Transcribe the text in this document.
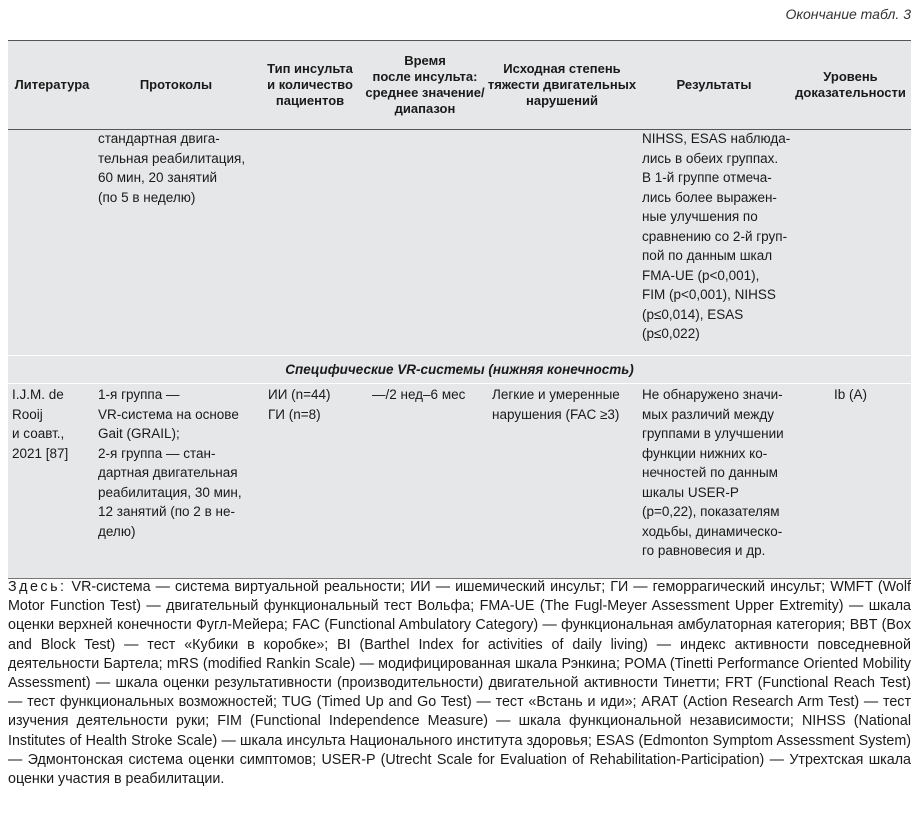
Окончание табл. 3
Литература	Протоколы
Тип инсульта
и количество
пациентов
Время
после инсульта:
среднее значение/
диапазон
Исходная степень
тяжести двигательных
нарушений
Результаты
Уровень
доказательности
стандартная двига-
тельная реабилитация,
60 мин, 20 занятий
(по 5 в неделю)
NIHSS, ESAS наблюда-
лись в обеих группах.
В 1-й группе отмеча-
лись более выражен-
ные улучшения по
сравнению со 2-й груп-
пой по данным шкал
FMA-UE (p<0,001),
FIM (p<0,001), NIHSS
(p≤0,014), ESAS
(p≤0,022)
Специфические VR-системы (нижняя конечность)
I.J.M. de
Rooij
и соавт.,
2021 [87]
1-я группа —
VR-система на основе
Gait (GRAIL);
2-я группа — стан-
дартная двигательная
реабилитация, 30 мин,
12 занятий (по 2 в не-
делю)
ИИ (n=44)
ГИ (n=8)
—/2 нед–6 мес	Легкие и умеренные
нарушения (FAC ≥3)
Не обнаружено значи-
мых различий между
группами в улучшении
функции нижних ко-
нечностей по данным
шкалы USER-P
(p=0,22), показателям
ходьбы, динамическо-
го равновесия и др.
Ib (A)
Здесь: VR-система — система виртуальной реальности; ИИ — ишемический инсульт; ГИ — геморрагический инсульт; WMFT (Wolf Motor Function Test) — двигательный функциональный тест Вольфа; FMA-UE (The Fugl-Meyer Assessment Upper Extremity) — шкала оценки верхней конечности Фугл-Мейера; FAC (Functional Ambulatory Category) — функциональная амбулаторная категория; BBT (Box and Block Test) — тест «Кубики в коробке»; BI (Barthel Index for activities of daily living) — индекс активности повседневной деятельности Бартела; mRS (modified Rankin Scale) — модифицированная шкала Рэнкина; POMA (Tinetti Performance Oriented Mobility Assessment) — шкала оценки результативности (производительности) двигательной активности Тинетти; FRT (Functional Reach Test) — тест функциональных возможностей; TUG (Timed Up and Go Test) — тест «Встань и иди»; ARAT (Action Research Arm Test) — тест изучения деятельности руки; FIM (Functional Independence Measure) — шкала функциональной независимости; NIHSS (National Institutes of Health Stroke Scale) — шкала инсульта Национального института здоровья; ESAS (Edmonton Symptom Assessment System) — Эдмонтонская система оценки симптомов; USER-P (Utrecht Scale for Evaluation of Rehabilitation-Participation) — Утрехтская шкала оценки участия в реабилитации.
